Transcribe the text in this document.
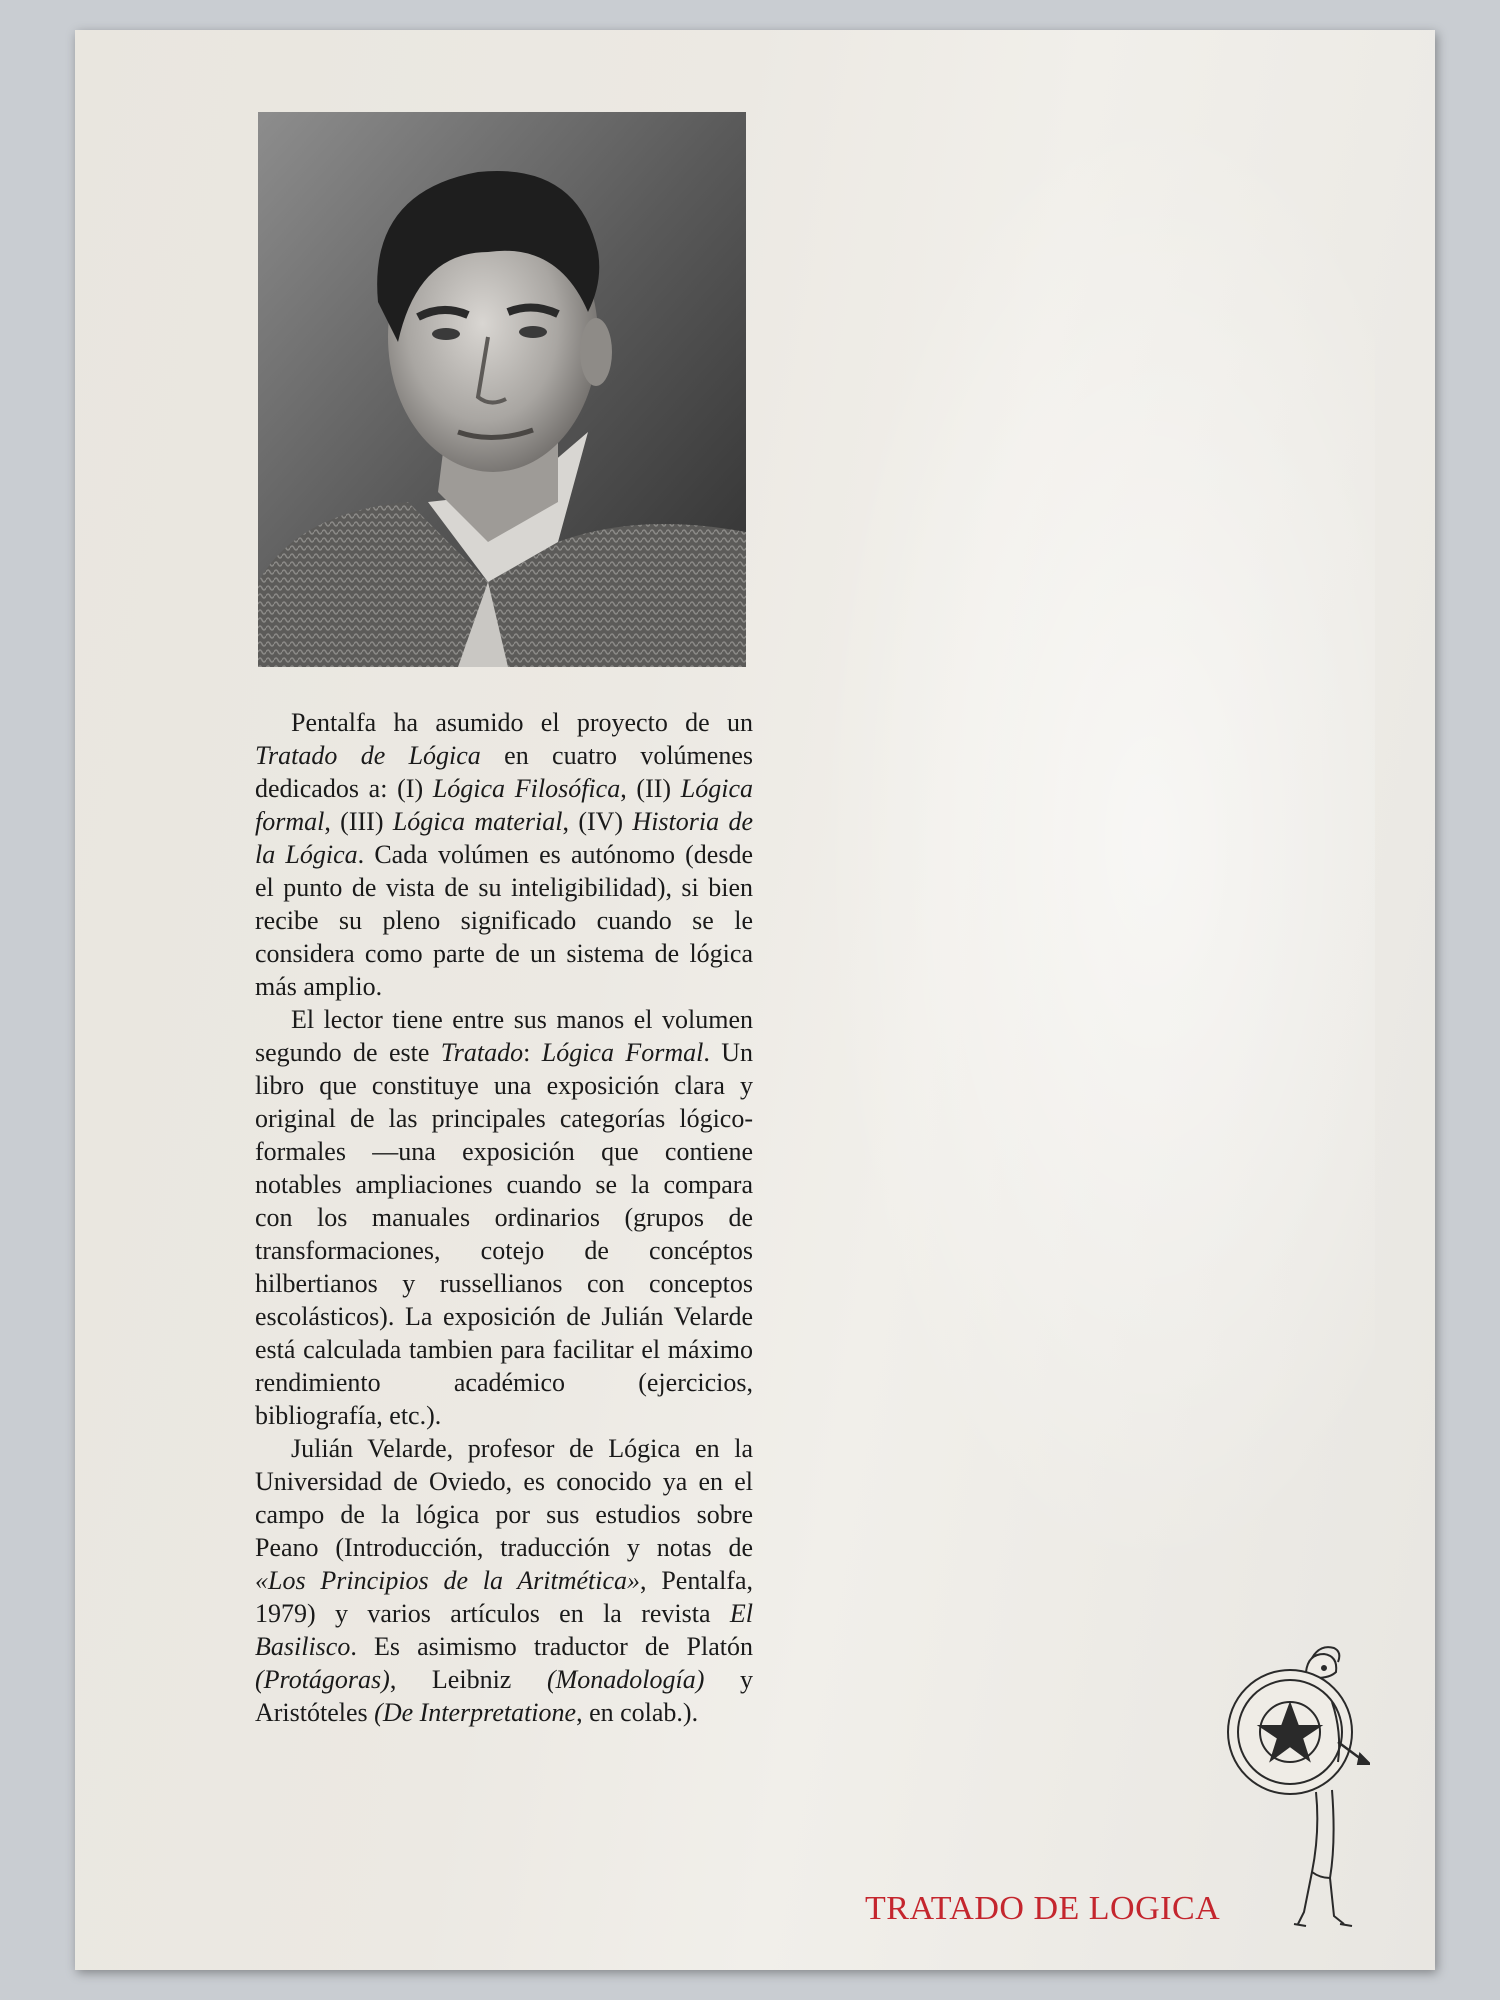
Pentalfa ha asumido el proyecto de un Tratado de Lógica en cuatro volúmenes dedicados a: (I) Lógica Filosófica, (II) Lógica formal, (III) Lógica material, (IV) Historia de la Lógica. Cada volúmen es autónomo (desde el punto de vista de su inteligibilidad), si bien recibe su pleno significado cuando se le considera como parte de un sistema de lógica más amplio.

El lector tiene entre sus manos el volumen segundo de este Tratado: Lógica Formal. Un libro que constituye una exposición clara y original de las principales categorías lógico-formales —una exposición que contiene notables ampliaciones cuando se la compara con los manuales ordinarios (grupos de transformaciones, cotejo de concéptos hilbertianos y russellianos con conceptos escolásticos). La exposición de Julián Velarde está calculada tambien para facilitar el máximo rendimiento académico (ejercicios, bibliografía, etc.).

Julián Velarde, profesor de Lógica en la Universidad de Oviedo, es conocido ya en el campo de la lógica por sus estudios sobre Peano (Introducción, traducción y notas de «Los Principios de la Aritmética», Pentalfa, 1979) y varios artículos en la revista El Basilisco. Es asimismo traductor de Platón (Protágoras), Leibniz (Monadología) y Aristóteles (De Interpretatione, en colab.).

TRATADO DE LOGICA
